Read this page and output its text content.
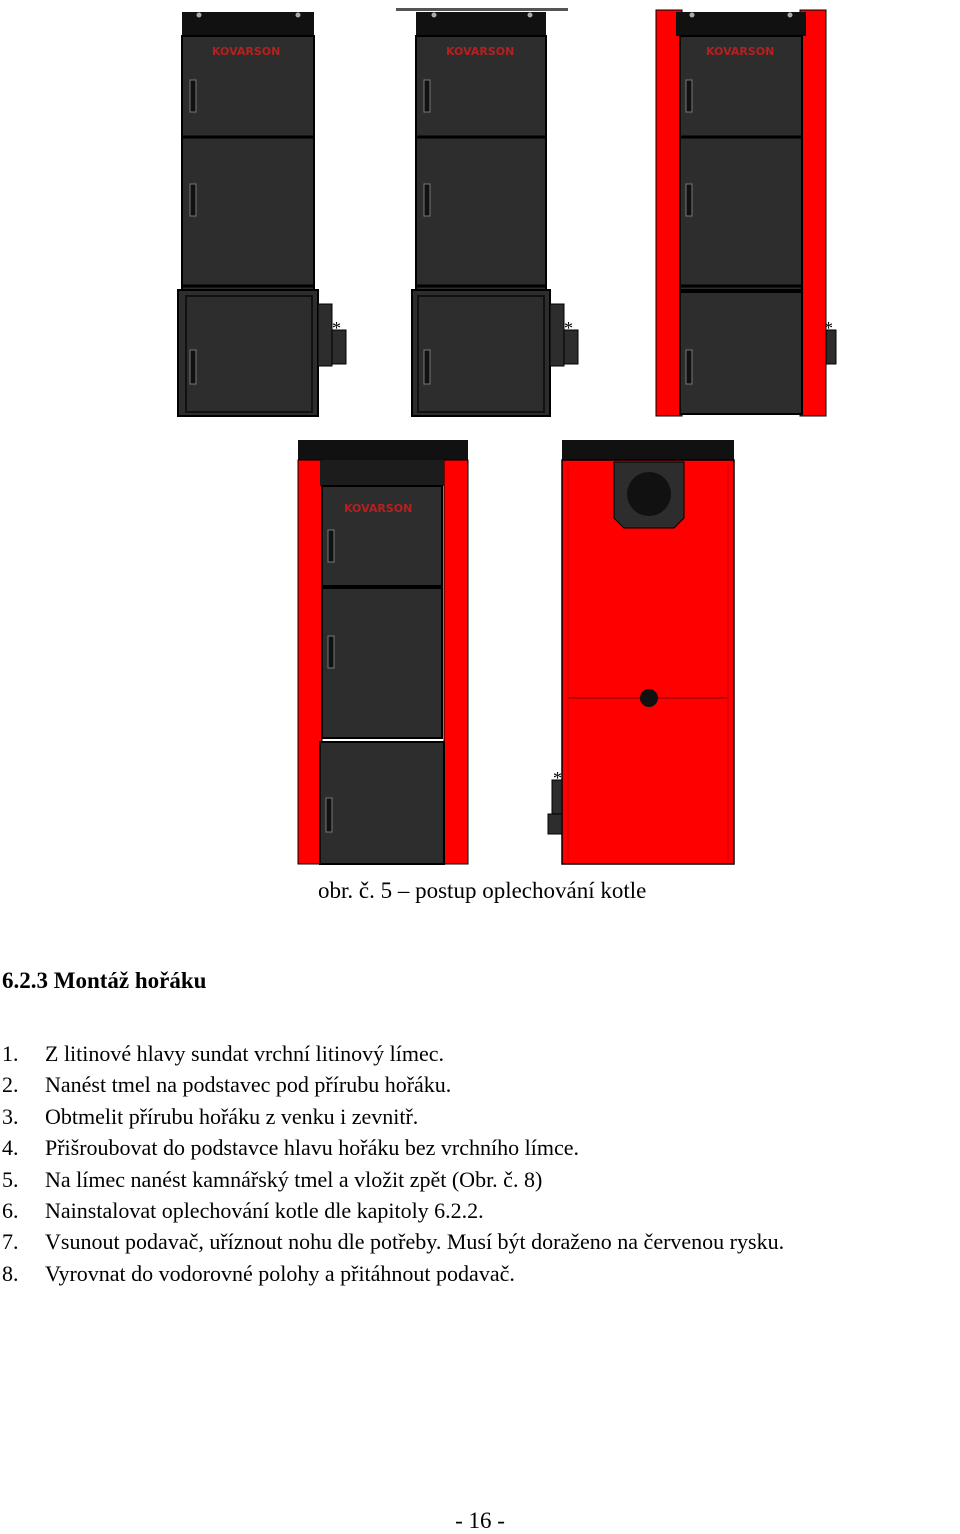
KOVARSON
*
KOVARSON
*
KOVARSON
*
KOVARSON
*
obr. č. 5 – postup oplechování kotle
6.2.3 Montáž hořáku
1. Z litinové hlavy sundat vrchní litinový límec.
2. Nanést tmel na podstavec pod přírubu hořáku.
3. Obtmelit přírubu hořáku z venku i zevnitř.
4. Přišroubovat do podstavce hlavu hořáku bez vrchního límce.
5. Na límec nanést kamnářský tmel a vložit zpět (Obr. č. 8)
6. Nainstalovat oplechování kotle dle kapitoly 6.2.2.
7. Vsunout podavač, uříznout nohu dle potřeby. Musí být doraženo na červenou rysku.
8. Vyrovnat do vodorovné polohy a přitáhnout podavač.
- 16 -
